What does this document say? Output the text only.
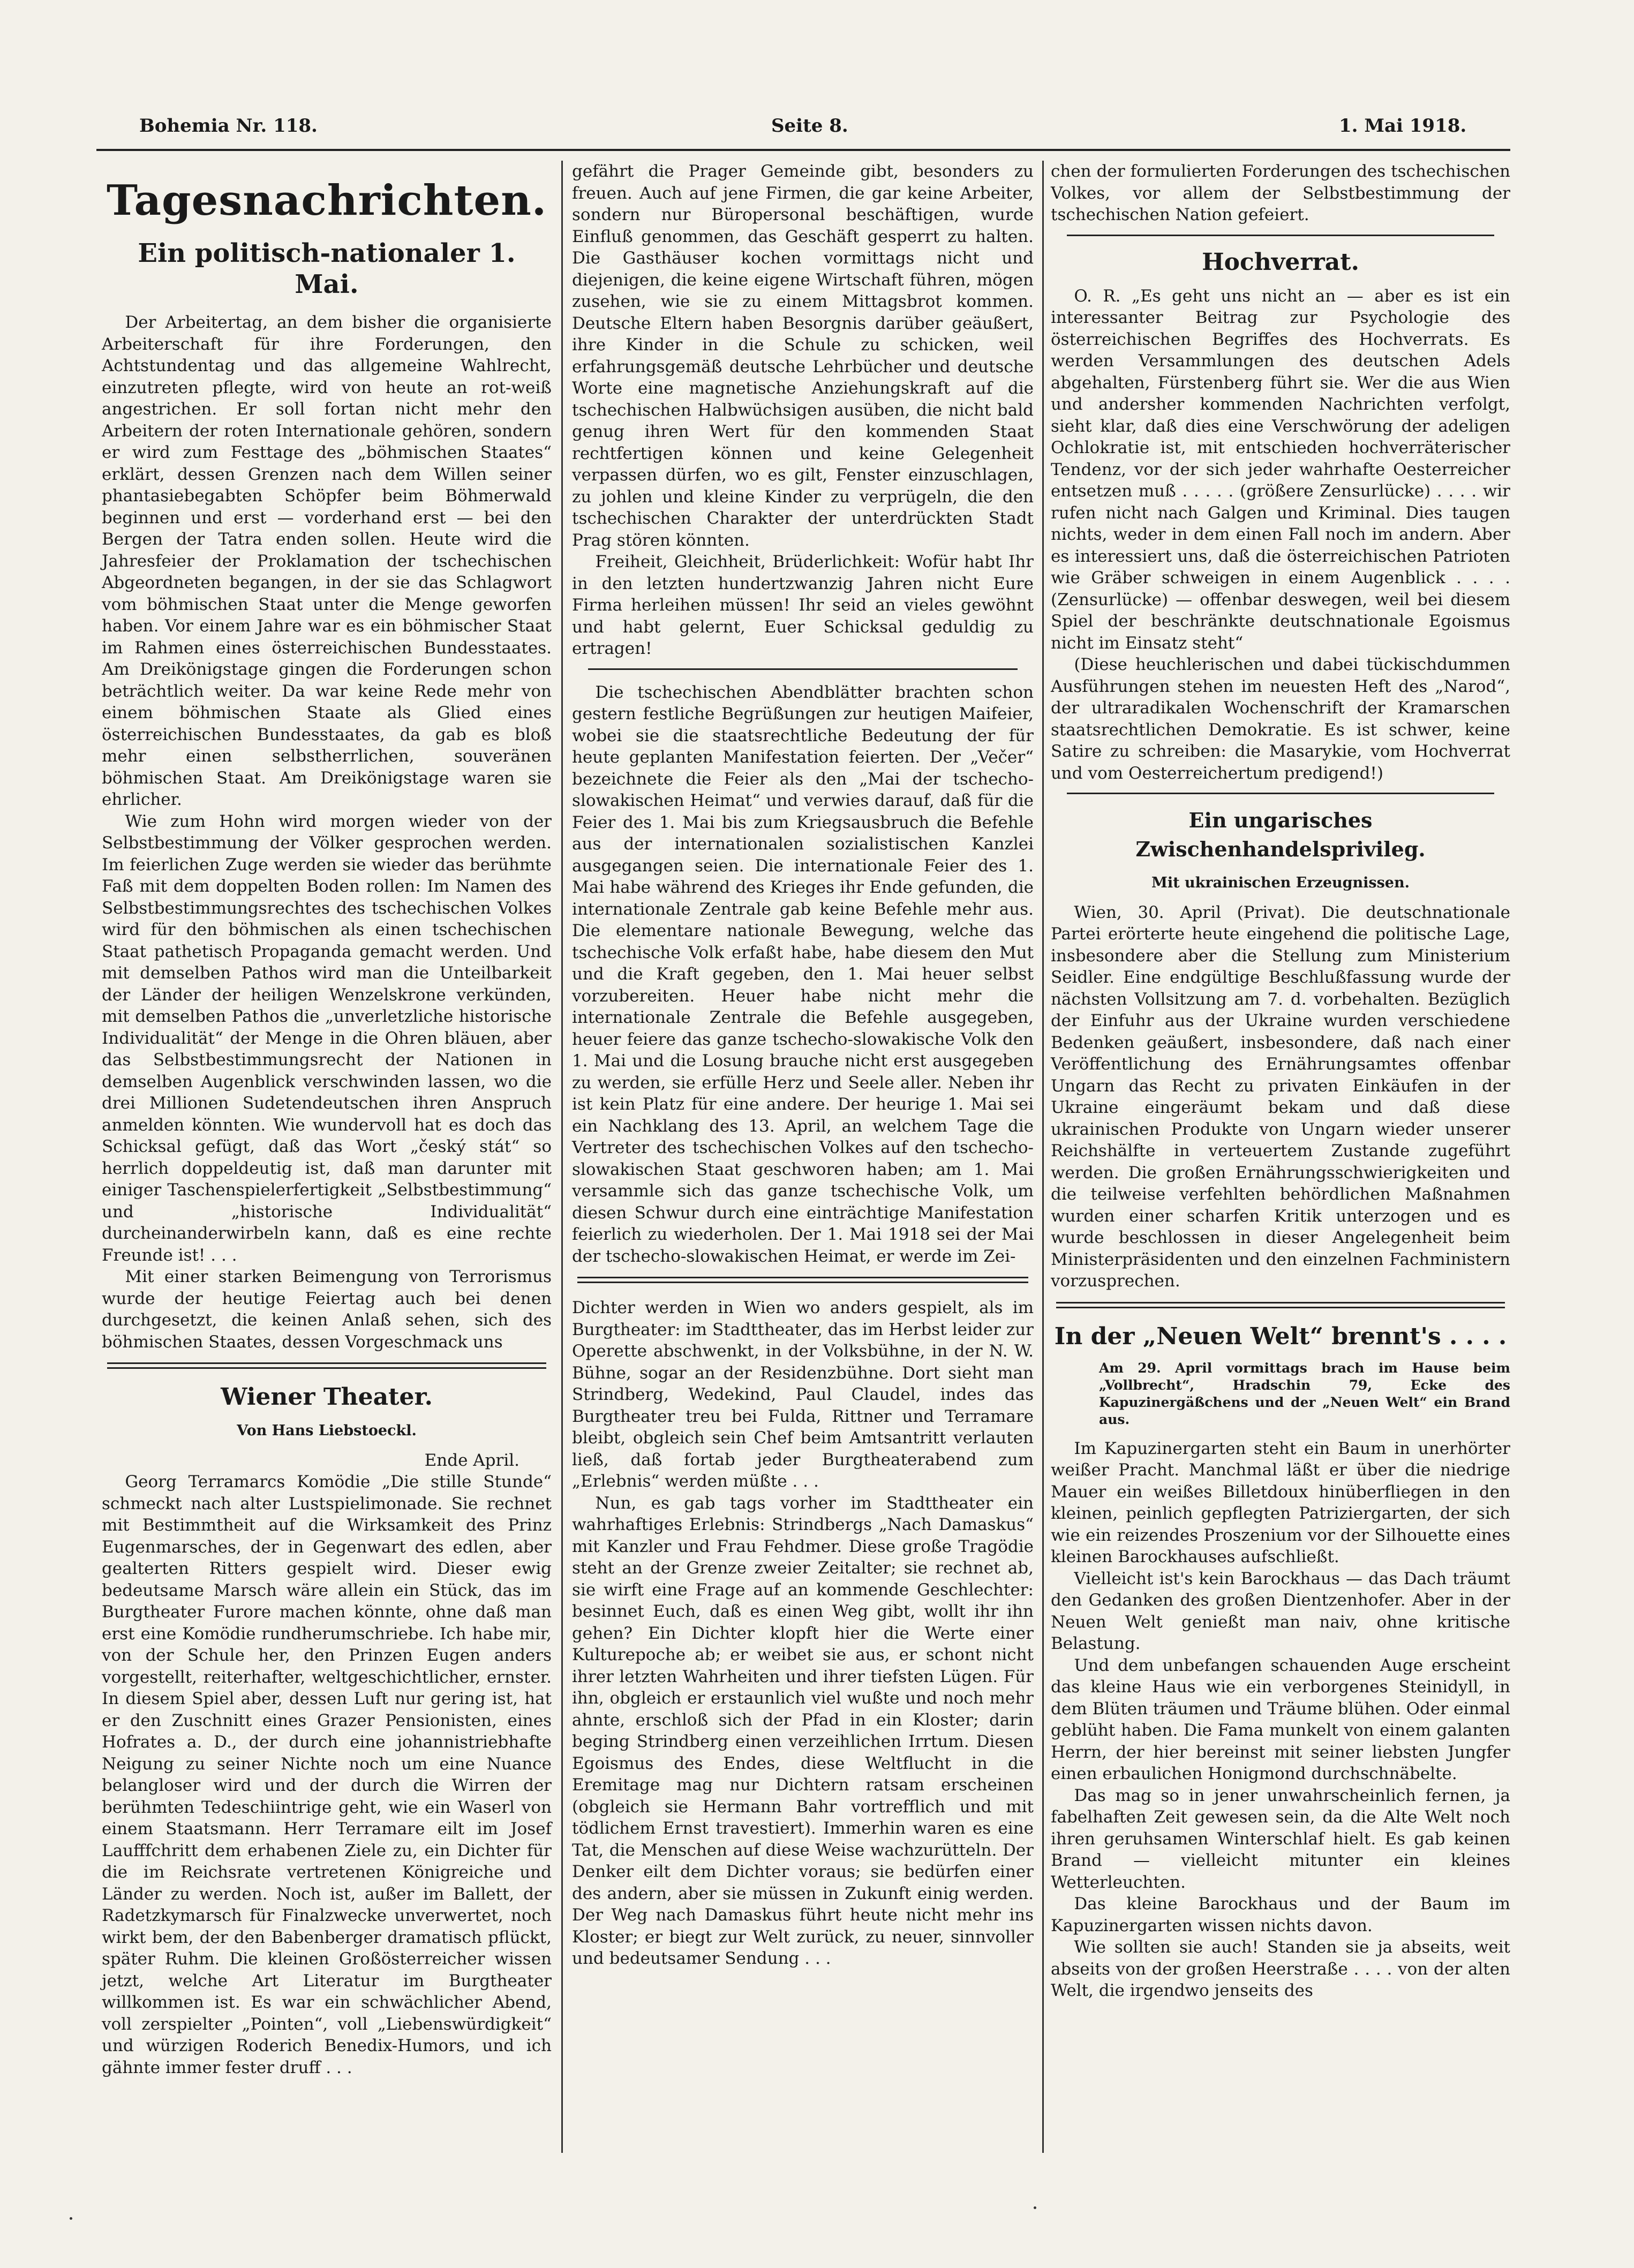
Bohemia Nr. 118.	Seite 8.	1. Mai 1918.
Tagesnachrichten.
Ein politisch-nationaler 1. Mai.

Der Arbeitertag, an dem bisher die organisierte Arbeiterschaft für ihre Forderungen, den Achtstundentag und das allgemeine Wahlrecht, einzutreten pflegte, wird von heute an rot-weiß angestrichen. Er soll fortan nicht mehr den Arbeitern der roten Internationale gehören, sondern er wird zum Festtage des „böhmischen Staates“ erklärt, dessen Grenzen nach dem Willen seiner phantasiebegabten Schöpfer beim Böhmerwald beginnen und erst — vorderhand erst — bei den Bergen der Tatra enden sollen. Heute wird die Jahresfeier der Proklamation der tschechischen Abgeordneten begangen, in der sie das Schlagwort vom böhmischen Staat unter die Menge geworfen haben. Vor einem Jahre war es ein böhmischer Staat im Rahmen eines österreichischen Bundesstaates. Am Dreikönigstage gingen die Forderungen schon beträchtlich weiter. Da war keine Rede mehr von einem böhmischen Staate als Glied eines österreichischen Bundesstaates, da gab es bloß mehr einen selbstherrlichen, souveränen böhmischen Staat. Am Dreikönigstage waren sie ehrlicher.

Wie zum Hohn wird morgen wieder von der Selbstbestimmung der Völker gesprochen werden. Im feierlichen Zuge werden sie wieder das berühmte Faß mit dem doppelten Boden rollen: Im Namen des Selbstbestimmungsrechtes des tschechischen Volkes wird für den böhmischen als einen tschechischen Staat pathetisch Propaganda gemacht werden. Und mit demselben Pathos wird man die Unteilbarkeit der Länder der heiligen Wenzelskrone verkünden, mit demselben Pathos die „unverletzliche historische Individualität“ der Menge in die Ohren bläuen, aber das Selbstbestimmungsrecht der Nationen in demselben Augenblick verschwinden lassen, wo die drei Millionen Sudetendeutschen ihren Anspruch anmelden könnten. Wie wundervoll hat es doch das Schicksal gefügt, daß das Wort „český stát“ so herrlich doppeldeutig ist, daß man darunter mit einiger Taschenspielerfertigkeit „Selbstbestimmung“ und „historische Individualität“ durcheinanderwirbeln kann, daß es eine rechte Freunde ist! . . .

Mit einer starken Beimengung von Terrorismus wurde der heutige Feiertag auch bei denen durchgesetzt, die keinen Anlaß sehen, sich des böhmischen Staates, dessen Vorgeschmack uns

Wiener Theater.

Von Hans Liebstoeckl.

Ende April.

Georg Terramarcs Komödie „Die stille Stunde“ schmeckt nach alter Lustspielimonade. Sie rechnet mit Bestimmtheit auf die Wirksamkeit des Prinz Eugenmarsches, der in Gegenwart des edlen, aber gealterten Ritters gespielt wird. Dieser ewig bedeutsame Marsch wäre allein ein Stück, das im Burgtheater Furore machen könnte, ohne daß man erst eine Komödie rundherumschriebe. Ich habe mir, von der Schule her, den Prinzen Eugen anders vorgestellt, reiterhafter, weltgeschichtlicher, ernster. In diesem Spiel aber, dessen Luft nur gering ist, hat er den Zuschnitt eines Grazer Pensionisten, eines Hofrates a. D., der durch eine johannistriebhafte Neigung zu seiner Nichte noch um eine Nuance belangloser wird und der durch die Wirren der berühmten Tedeschiintrige geht, wie ein Waserl von einem Staatsmann. Herr Terramare eilt im Josef Laufffchritt dem erhabenen Ziele zu, ein Dichter für die im Reichsrate vertretenen Königreiche und Länder zu werden. Noch ist, außer im Ballett, der Radetzkymarsch für Finalzwecke unverwertet, noch wirkt bem, der den Babenberger dramatisch pflückt, später Ruhm. Die kleinen Großösterreicher wissen jetzt, welche Art Literatur im Burgtheater willkommen ist. Es war ein schwächlicher Abend, voll zerspielter „Pointen“, voll „Liebenswürdigkeit“ und würzigen Roderich Benedix-Humors, und ich gähnte immer fester druff . . .

gefährt die Prager Gemeinde gibt, besonders zu freuen. Auch auf jene Firmen, die gar keine Arbeiter, sondern nur Büropersonal beschäftigen, wurde Einfluß genommen, das Geschäft gesperrt zu halten. Die Gasthäuser kochen vormittags nicht und diejenigen, die keine eigene Wirtschaft führen, mögen zusehen, wie sie zu einem Mittagsbrot kommen. Deutsche Eltern haben Besorgnis darüber geäußert, ihre Kinder in die Schule zu schicken, weil erfahrungsgemäß deutsche Lehrbücher und deutsche Worte eine magnetische Anziehungskraft auf die tschechischen Halbwüchsigen ausüben, die nicht bald genug ihren Wert für den kommenden Staat rechtfertigen können und keine Gelegenheit verpassen dürfen, wo es gilt, Fenster einzuschlagen, zu johlen und kleine Kinder zu verprügeln, die den tschechischen Charakter der unterdrückten Stadt Prag stören könnten.

Freiheit, Gleichheit, Brüderlichkeit: Wofür habt Ihr in den letzten hundertzwanzig Jahren nicht Eure Firma herleihen müssen! Ihr seid an vieles gewöhnt und habt gelernt, Euer Schicksal geduldig zu ertragen!

Die tschechischen Abendblätter brachten schon gestern festliche Begrüßungen zur heutigen Maifeier, wobei sie die staatsrechtliche Bedeutung der für heute geplanten Manifestation feierten. Der „Večer“ bezeichnete die Feier als den „Mai der tschecho-slowakischen Heimat“ und verwies darauf, daß für die Feier des 1. Mai bis zum Kriegsausbruch die Befehle aus der internationalen sozialistischen Kanzlei ausgegangen seien. Die internationale Feier des 1. Mai habe während des Krieges ihr Ende gefunden, die internationale Zentrale gab keine Befehle mehr aus. Die elementare nationale Bewegung, welche das tschechische Volk erfaßt habe, habe diesem den Mut und die Kraft gegeben, den 1. Mai heuer selbst vorzubereiten. Heuer habe nicht mehr die internationale Zentrale die Befehle ausgegeben, heuer feiere das ganze tschecho-slowakische Volk den 1. Mai und die Losung brauche nicht erst ausgegeben zu werden, sie erfülle Herz und Seele aller. Neben ihr ist kein Platz für eine andere. Der heurige 1. Mai sei ein Nachklang des 13. April, an welchem Tage die Vertreter des tschechischen Volkes auf den tschecho-slowakischen Staat geschworen haben; am 1. Mai versammle sich das ganze tschechische Volk, um diesen Schwur durch eine einträchtige Manifestation feierlich zu wiederholen. Der 1. Mai 1918 sei der Mai der tschecho-slowakischen Heimat, er werde im Zei-

Dichter werden in Wien wo anders gespielt, als im Burgtheater: im Stadttheater, das im Herbst leider zur Operette abschwenkt, in der Volksbühne, in der N. W. Bühne, sogar an der Residenzbühne. Dort sieht man Strindberg, Wedekind, Paul Claudel, indes das Burgtheater treu bei Fulda, Rittner und Terramare bleibt, obgleich sein Chef beim Amtsantritt verlauten ließ, daß fortab jeder Burgtheaterabend zum „Erlebnis“ werden müßte . . .

Nun, es gab tags vorher im Stadttheater ein wahrhaftiges Erlebnis: Strindbergs „Nach Damaskus“ mit Kanzler und Frau Fehdmer. Diese große Tragödie steht an der Grenze zweier Zeitalter; sie rechnet ab, sie wirft eine Frage auf an kommende Geschlechter: besinnet Euch, daß es einen Weg gibt, wollt ihr ihn gehen? Ein Dichter klopft hier die Werte einer Kulturepoche ab; er weibet sie aus, er schont nicht ihrer letzten Wahrheiten und ihrer tiefsten Lügen. Für ihn, obgleich er erstaunlich viel wußte und noch mehr ahnte, erschloß sich der Pfad in ein Kloster; darin beging Strindberg einen verzeihlichen Irrtum. Diesen Egoismus des Endes, diese Weltflucht in die Eremitage mag nur Dichtern ratsam erscheinen (obgleich sie Hermann Bahr vortrefflich und mit tödlichem Ernst travestiert). Immerhin waren es eine Tat, die Menschen auf diese Weise wachzurütteln. Der Denker eilt dem Dichter voraus; sie bedürfen einer des andern, aber sie müssen in Zukunft einig werden. Der Weg nach Damaskus führt heute nicht mehr ins Kloster; er biegt zur Welt zurück, zu neuer, sinnvoller und bedeutsamer Sendung . . .

chen der formulierten Forderungen des tschechischen Volkes, vor allem der Selbstbestimmung der tschechischen Nation gefeiert.

Hochverrat.

O. R. „Es geht uns nicht an — aber es ist ein interessanter Beitrag zur Psychologie des österreichischen Begriffes des Hochverrats. Es werden Versammlungen des deutschen Adels abgehalten, Fürstenberg führt sie. Wer die aus Wien und andersher kommenden Nachrichten verfolgt, sieht klar, daß dies eine Verschwörung der adeligen Ochlokratie ist, mit entschieden hochverräterischer Tendenz, vor der sich jeder wahrhafte Oesterreicher entsetzen muß . . . . . (größere Zensurlücke) . . . . wir rufen nicht nach Galgen und Kriminal. Dies taugen nichts, weder in dem einen Fall noch im andern. Aber es interessiert uns, daß die österreichischen Patrioten wie Gräber schweigen in einem Augenblick . . . . (Zensurlücke) — offenbar deswegen, weil bei diesem Spiel der beschränkte deutschnationale Egoismus nicht im Einsatz steht“

(Diese heuchlerischen und dabei tückischdummen Ausführungen stehen im neuesten Heft des „Narod“, der ultraradikalen Wochenschrift der Kramarschen staatsrechtlichen Demokratie. Es ist schwer, keine Satire zu schreiben: die Masarykie, vom Hochverrat und vom Oesterreichertum predigend!)

Ein ungarisches Zwischenhandelsprivileg.

Mit ukrainischen Erzeugnissen.

Wien, 30. April (Privat). Die deutschnationale Partei erörterte heute eingehend die politische Lage, insbesondere aber die Stellung zum Ministerium Seidler. Eine endgültige Beschlußfassung wurde der nächsten Vollsitzung am 7. d. vorbehalten. Bezüglich der Einfuhr aus der Ukraine wurden verschiedene Bedenken geäußert, insbesondere, daß nach einer Veröffentlichung des Ernährungsamtes offenbar Ungarn das Recht zu privaten Einkäufen in der Ukraine eingeräumt bekam und daß diese ukrainischen Produkte von Ungarn wieder unserer Reichshälfte in verteuertem Zustande zugeführt werden. Die großen Ernährungsschwierigkeiten und die teilweise verfehlten behördlichen Maßnahmen wurden einer scharfen Kritik unterzogen und es wurde beschlossen in dieser Angelegenheit beim Ministerpräsidenten und den einzelnen Fachministern vorzusprechen.

In der „Neuen Welt“ brennt's . . . .

Am 29. April vormittags brach im Hause beim „Vollbrecht“, Hradschin 79, Ecke des Kapuzinergäßchens und der „Neuen Welt“ ein Brand aus.

Im Kapuzinergarten steht ein Baum in unerhörter weißer Pracht. Manchmal läßt er über die niedrige Mauer ein weißes Billetdoux hinüberfliegen in den kleinen, peinlich gepflegten Patriziergarten, der sich wie ein reizendes Proszenium vor der Silhouette eines kleinen Barockhauses aufschließt.

Vielleicht ist's kein Barockhaus — das Dach träumt den Gedanken des großen Dientzenhofer. Aber in der Neuen Welt genießt man naiv, ohne kritische Belastung.

Und dem unbefangen schauenden Auge erscheint das kleine Haus wie ein verborgenes Steinidyll, in dem Blüten träumen und Träume blühen. Oder einmal geblüht haben. Die Fama munkelt von einem galanten Herrn, der hier bereinst mit seiner liebsten Jungfer einen erbaulichen Honigmond durchschnäbelte.

Das mag so in jener unwahrscheinlich fernen, ja fabelhaften Zeit gewesen sein, da die Alte Welt noch ihren geruhsamen Winterschlaf hielt. Es gab keinen Brand — vielleicht mitunter ein kleines Wetterleuchten.

Das kleine Barockhaus und der Baum im Kapuzinergarten wissen nichts davon.

Wie sollten sie auch! Standen sie ja abseits, weit abseits von der großen Heerstraße . . . . von der alten Welt, die irgendwo jenseits des
